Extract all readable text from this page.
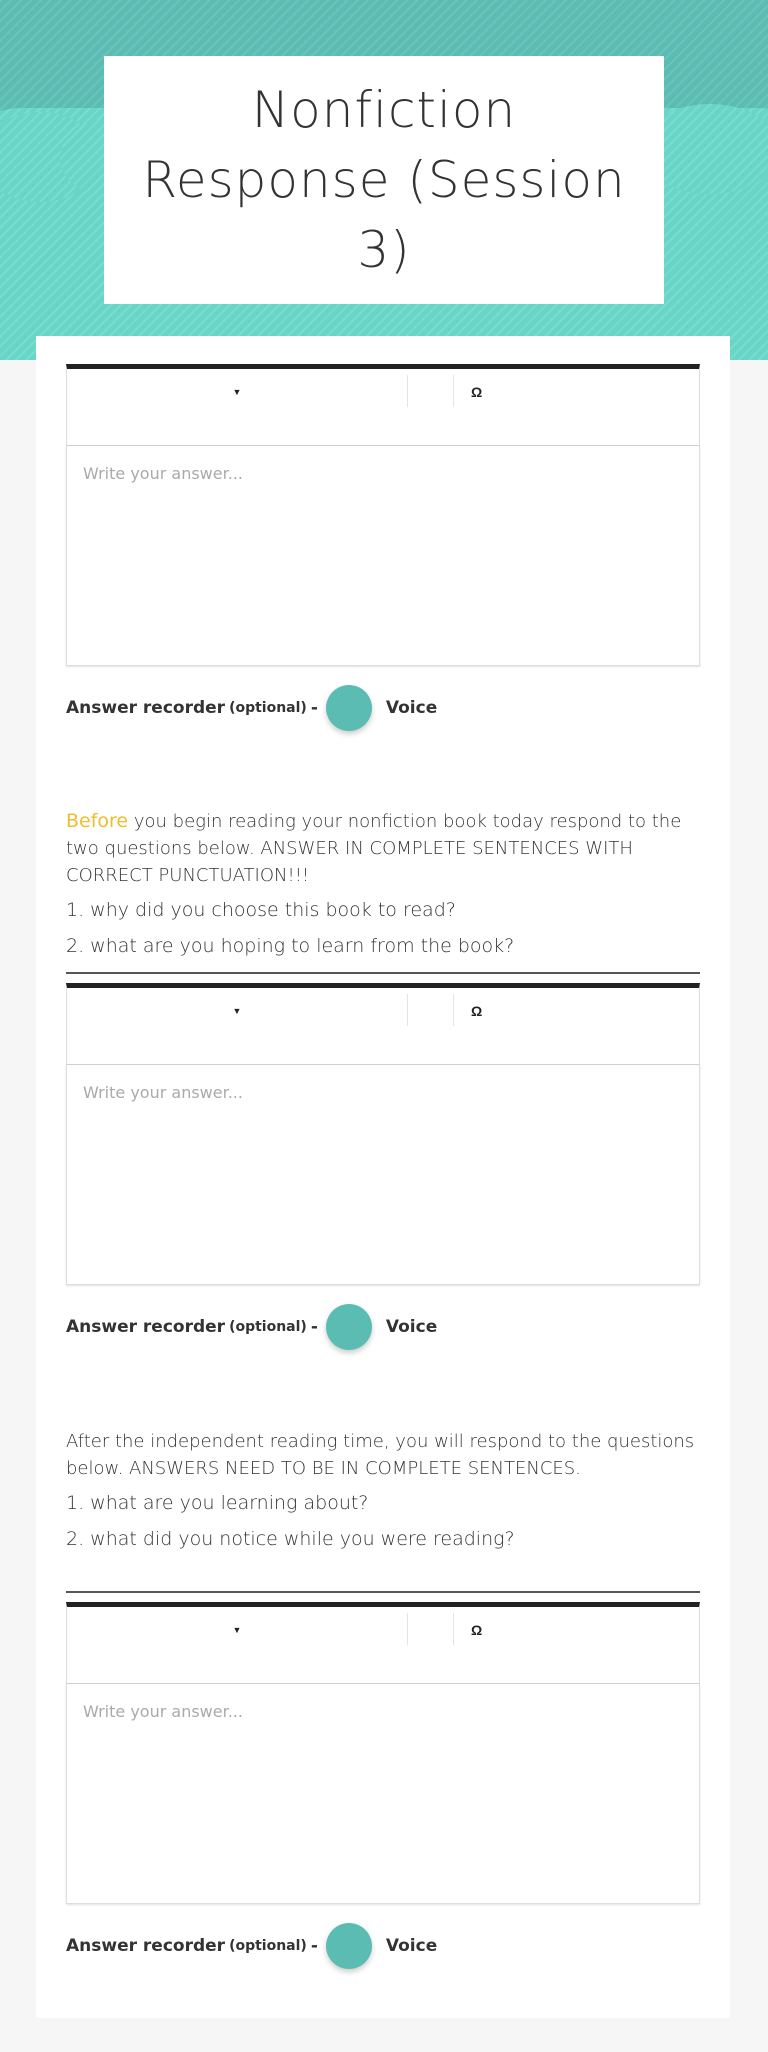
Nonfiction Response (Session 3)
▼	Ω
Write your answer...
Answer recorder (optional) -	Voice

Before you begin reading your nonfiction book today respond to the two questions below. ANSWER IN COMPLETE SENTENCES WITH CORRECT PUNCTUATION!!!

1. why did you choose this book to read?

2. what are you hoping to learn from the book?

▼	Ω
Write your answer...
Answer recorder (optional) -	Voice

After the independent reading time, you will respond to the questions below. ANSWERS NEED TO BE IN COMPLETE SENTENCES.

1. what are you learning about?

2. what did you notice while you were reading?

▼	Ω
Write your answer...
Answer recorder (optional) -	Voice
